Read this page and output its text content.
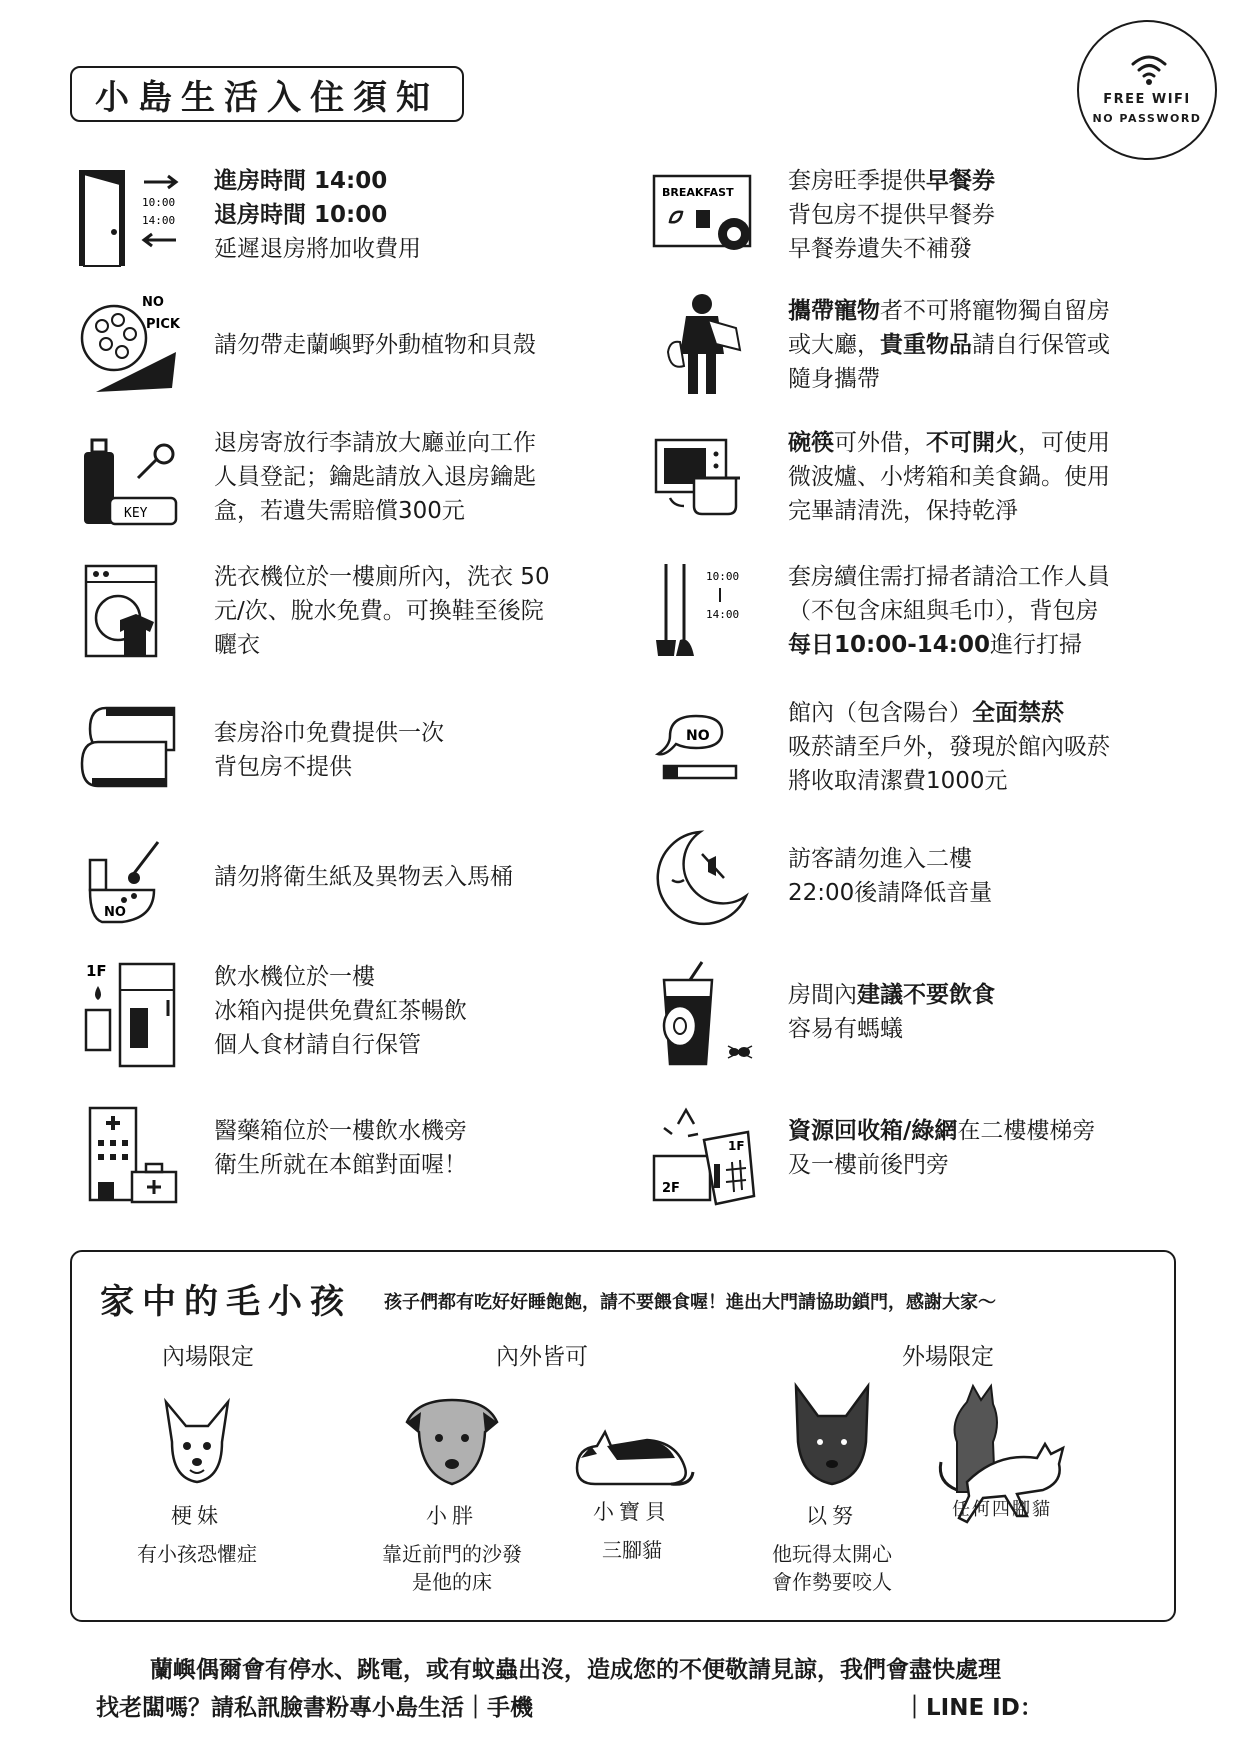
小島生活入住須知	FREE WIFI
NO PASSWORD
10:00
14:00
進房時間 14:00
退房時間 10:00
延遲退房將加收費用
NO
PICK
請勿帶走蘭嶼野外動植物和貝殼
KEY
退房寄放行李請放大廳並向工作
人員登記；鑰匙請放入退房鑰匙
盒，若遺失需賠償300元
洗衣機位於一樓廁所內，洗衣 50
元/次、脫水免費。可換鞋至後院
曬衣
套房浴巾免費提供一次
背包房不提供
NO
請勿將衛生紙及異物丟入馬桶
1F	飲水機位於一樓
冰箱內提供免費紅茶暢飲
個人食材請自行保管
醫藥箱位於一樓飲水機旁
衛生所就在本館對面喔！
BREAKFAST 套房旺季提供早餐券
背包房不提供早餐券
早餐券遺失不補發
攜帶寵物者不可將寵物獨自留房
或大廳，貴重物品請自行保管或
隨身攜帶
碗筷可外借，不可開火，可使用
微波爐、小烤箱和美食鍋。使用
完畢請清洗，保持乾淨
10:00
14:00
套房續住需打掃者請洽工作人員
（不包含床組與毛巾），背包房
每日10:00-14:00進行打掃
NO
館內（包含陽台）全面禁菸
吸菸請至戶外，發現於館內吸菸
將收取清潔費1000元
訪客請勿進入二樓
22:00後請降低音量
房間內建議不要飲食
容易有螞蟻
2F
1F
資源回收箱/綠網在二樓樓梯旁
及一樓前後門旁
家中的毛小孩 孩子們都有吃好好睡飽飽，請不要餵食喔！進出大門請協助鎖門，感謝大家～
內場限定	內外皆可	外場限定
梗妹
有小孩恐懼症
小胖
靠近前門的沙發
是他的床
小寶貝
三腳貓
以努
他玩得太開心
會作勢要咬人
任何四腳貓
蘭嶼偶爾會有停水、跳電，或有蚊蟲出沒，造成您的不便敬請見諒，我們會盡快處理
找老闆嗎？請私訊臉書粉專小島生活｜手機	｜LINE ID：
